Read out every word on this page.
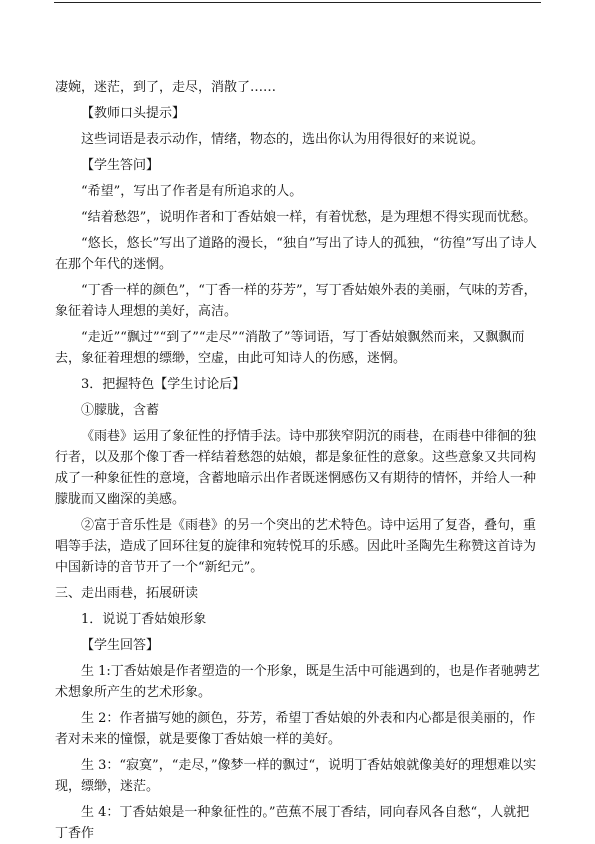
凄婉，迷茫，到了，走尽，消散了……

【教师口头提示】

这些词语是表示动作，情绪，物态的，选出你认为用得很好的来说说。

【学生答问】

“希望”，写出了作者是有所追求的人。

“结着愁怨”，说明作者和丁香姑娘一样，有着忧愁，是为理想不得实现而忧愁。

“悠长，悠长”写出了道路的漫长，“独自”写出了诗人的孤独，“彷徨”写出了诗人在那个年代的迷惘。

“丁香一样的颜色”，“丁香一样的芬芳”，写丁香姑娘外表的美丽，气味的芳香，象征着诗人理想的美好，高洁。

“走近”“飘过”“到了”“走尽”“消散了”等词语，写丁香姑娘飘然而来，又飘飘而去，象征着理想的缥缈，空虚，由此可知诗人的伤感，迷惘。

3．把握特色【学生讨论后】

①朦胧，含蓄

《雨巷》运用了象征性的抒情手法。诗中那狭窄阴沉的雨巷，在雨巷中徘徊的独行者，以及那个像丁香一样结着愁怨的姑娘，都是象征性的意象。这些意象又共同构成了一种象征性的意境，含蓄地暗示出作者既迷惘感伤又有期待的情怀，并给人一种朦胧而又幽深的美感。

②富于音乐性是《雨巷》的另一个突出的艺术特色。诗中运用了复沓，叠句，重唱等手法，造成了回环往复的旋律和宛转悦耳的乐感。因此叶圣陶先生称赞这首诗为中国新诗的音节开了一个“新纪元”。

三、走出雨巷，拓展研读

1．说说丁香姑娘形象

【学生回答】

生 1:丁香姑娘是作者塑造的一个形象，既是生活中可能遇到的，也是作者驰骋艺术想象所产生的艺术形象。

生 2：作者描写她的颜色，芬芳，希望丁香姑娘的外表和内心都是很美丽的，作者对未来的憧憬，就是要像丁香姑娘一样的美好。

生 3：“寂寞”，“走尽，”像梦一样的飘过“，说明丁香姑娘就像美好的理想难以实现，缥缈，迷茫。

生 4：丁香姑娘是一种象征性的。”芭蕉不展丁香结，同向春风各自愁“，人就把丁香作
